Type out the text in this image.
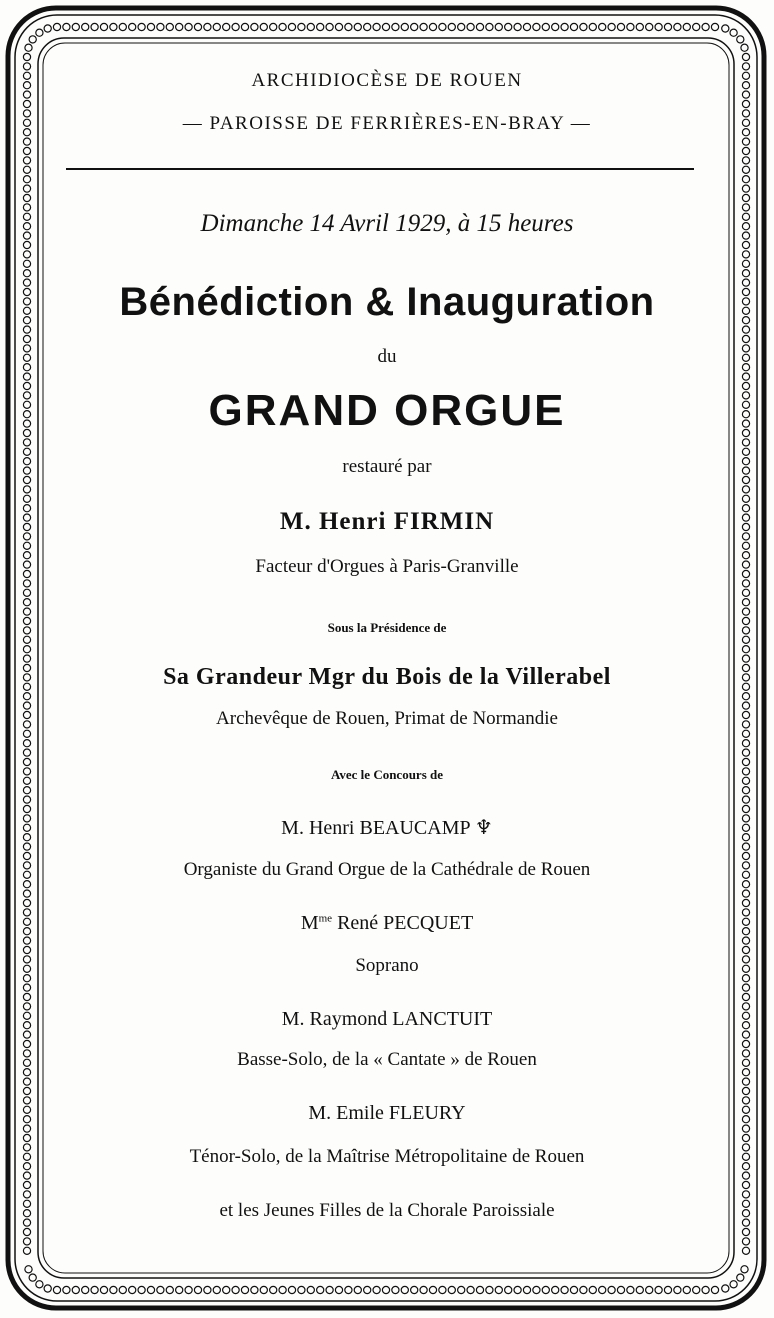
ARCHIDIOCÈSE DE ROUEN
— PAROISSE DE FERRIÈRES-EN-BRAY —
Dimanche 14 Avril 1929, à 15 heures
Bénédiction & Inauguration
du
GRAND ORGUE
restauré par
M. Henri FIRMIN
Facteur d'Orgues à Paris-Granville
Sous la Présidence de
Sa Grandeur Mgr du Bois de la Villerabel
Archevêque de Rouen, Primat de Normandie
Avec le Concours de
M. Henri BEAUCAMP ♆
Organiste du Grand Orgue de la Cathédrale de Rouen
$M^{me}$ René PECQUET
Soprano
M. Raymond LANCTUIT
Basse-Solo, de la « Cantate » de Rouen
M. Emile FLEURY
Ténor-Solo, de la Maîtrise Métropolitaine de Rouen
et les Jeunes Filles de la Chorale Paroissiale
